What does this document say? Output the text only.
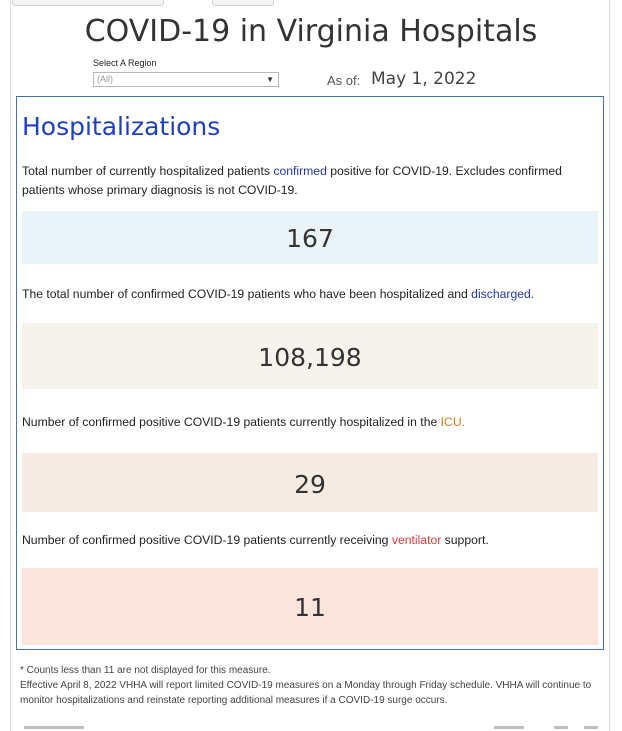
COVID-19 in Virginia Hospitals
Select A Region
(All)	▼	As of: May 1, 2022
Hospitalizations
Total number of currently hospitalized patients confirmed positive for COVID-19. Excludes confirmed patients whose primary diagnosis is not COVID-19.
167
The total number of confirmed COVID-19 patients who have been hospitalized and discharged.
108,198
Number of confirmed positive COVID-19 patients currently hospitalized in the ICU.
29
Number of confirmed positive COVID-19 patients currently receiving ventilator support.
11
* Counts less than 11 are not displayed for this measure.
Effective April 8, 2022 VHHA will report limited COVID-19 measures on a Monday through Friday schedule. VHHA will continue to monitor hospitalizations and reinstate reporting additional measures if a COVID-19 surge occurs.
